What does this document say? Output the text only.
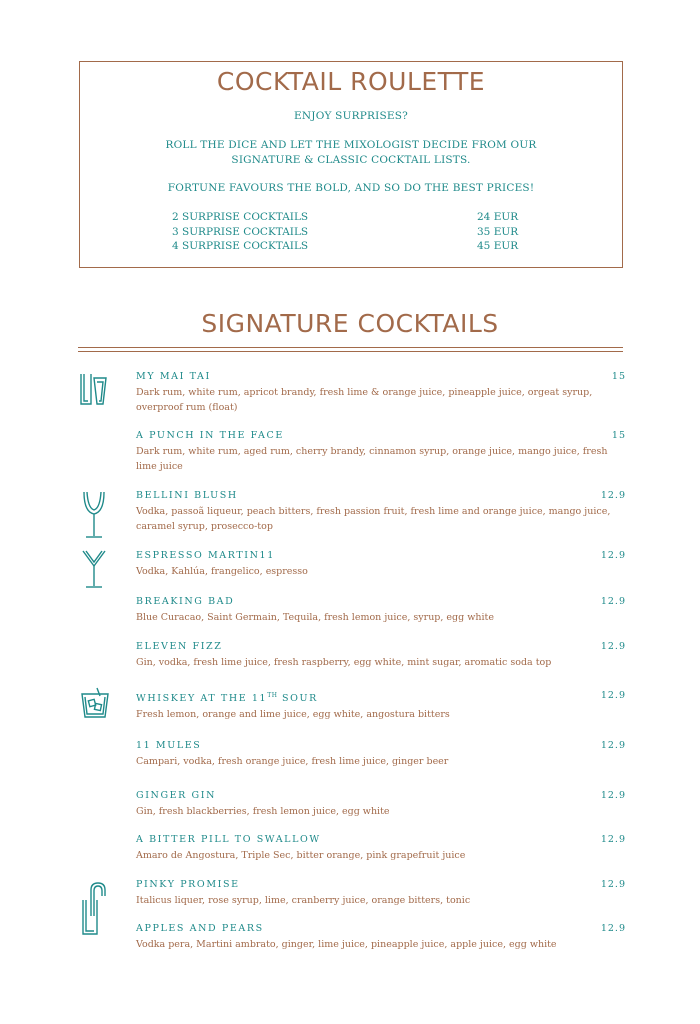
COCKTAIL ROULETTE
ENJOY SURPRISES?
ROLL THE DICE AND LET THE MIXOLOGIST DECIDE FROM OUR
SIGNATURE & CLASSIC COCKTAIL LISTS.
FORTUNE FAVOURS THE BOLD, AND SO DO THE BEST PRICES!
2 SURPRISE COCKTAILS	24 EUR
3 SURPRISE COCKTAILS	35 EUR
4 SURPRISE COCKTAILS	45 EUR
SIGNATURE COCKTAILS
MY MAI TAI	15
Dark rum, white rum, apricot brandy, fresh lime & orange juice, pineapple juice, orgeat syrup, overproof rum (float)
A PUNCH IN THE FACE	15
Dark rum, white rum, aged rum, cherry brandy, cinnamon syrup, orange juice, mango juice, fresh lime juice
BELLINI BLUSH	12.9
Vodka, passoã liqueur, peach bitters, fresh passion fruit, fresh lime and orange juice, mango juice, caramel syrup, prosecco-top
ESPRESSO MARTIN11	12.9
Vodka, Kahlúa, frangelico, espresso
BREAKING BAD	12.9
Blue Curacao, Saint Germain, Tequila, fresh lemon juice, syrup, egg white
ELEVEN FIZZ	12.9
Gin, vodka, fresh lime juice, fresh raspberry, egg white, mint sugar, aromatic soda top
WHISKEY AT THE 11TH SOUR	12.9
Fresh lemon, orange and lime juice, egg white, angostura bitters
11 MULES	12.9
Campari, vodka, fresh orange juice, fresh lime juice, ginger beer
GINGER GIN	12.9
Gin, fresh blackberries, fresh lemon juice, egg white
A BITTER PILL TO SWALLOW	12.9
Amaro de Angostura, Triple Sec, bitter orange, pink grapefruit juice
PINKY PROMISE	12.9
Italicus liquer, rose syrup, lime, cranberry juice, orange bitters, tonic
APPLES AND PEARS	12.9
Vodka pera, Martini ambrato, ginger, lime juice, pineapple juice, apple juice, egg white
